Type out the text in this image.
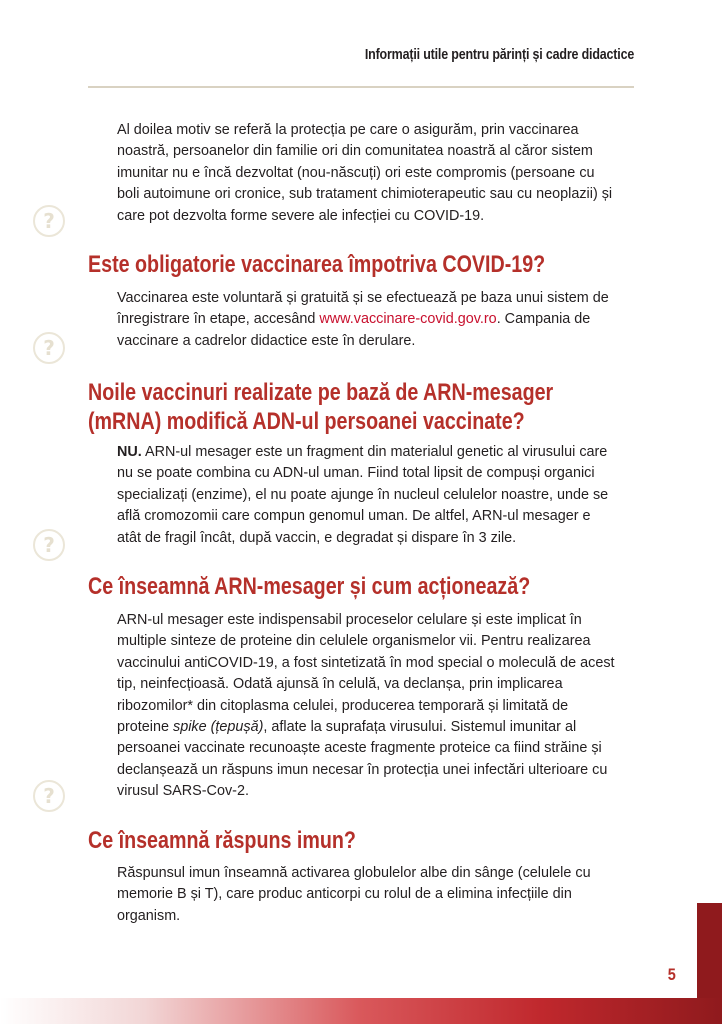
Informații utile pentru părinți și cadre didactice

Al doilea motiv se referă la protecția pe care o asigurăm, prin vaccinarea noastră, persoanelor din familie ori din comunitatea noastră al căror sistem imunitar nu e încă dezvoltat (nou-născuți) ori este compromis (persoane cu boli autoimune ori cronice, sub tratament chimioterapeutic sau cu neoplazii) și care pot dezvolta forme severe ale infecției cu COVID-19.

?
Este obligatorie vaccinarea împotriva COVID-19?

Vaccinarea este voluntară și gratuită și se efectuează pe baza unui sistem de înregistrare în etape, accesând www.vaccinare-covid.gov.ro. Campania de vaccinare a cadrelor didactice este în derulare.

?
Noile vaccinuri realizate pe bază de ARN-mesager
(mRNA) modifică ADN-ul persoanei vaccinate?

NU. ARN-ul mesager este un fragment din materialul genetic al virusului care nu se poate combina cu ADN-ul uman. Fiind total lipsit de compuși organici specializați (enzime), el nu poate ajunge în nucleul celulelor noastre, unde se află cromozomii care compun genomul uman. De altfel, ARN-ul mesager e atât de fragil încât, după vaccin, e degradat și dispare în 3 zile.

?
Ce înseamnă ARN-mesager și cum acționează?

ARN-ul mesager este indispensabil proceselor celulare și este implicat în multiple sinteze de proteine din celulele organismelor vii. Pentru realizarea vaccinului antiCOVID-19, a fost sintetizată în mod special o moleculă de acest tip, neinfecțioasă. Odată ajunsă în celulă, va declanșa, prin implicarea ribozomilor* din citoplasma celulei, producerea temporară și limitată de proteine spike (țepușă), aflate la suprafața virusului. Sistemul imunitar al persoanei vaccinate recunoaște aceste fragmente proteice ca fiind străine și declanșează un răspuns imun necesar în protecția unei infectări ulterioare cu virusul SARS-Cov-2.

?
Ce înseamnă răspuns imun?

Răspunsul imun înseamnă activarea globulelor albe din sânge (celulele cu memorie B și T), care produc anticorpi cu rolul de a elimina infecțiile din organism.

5
